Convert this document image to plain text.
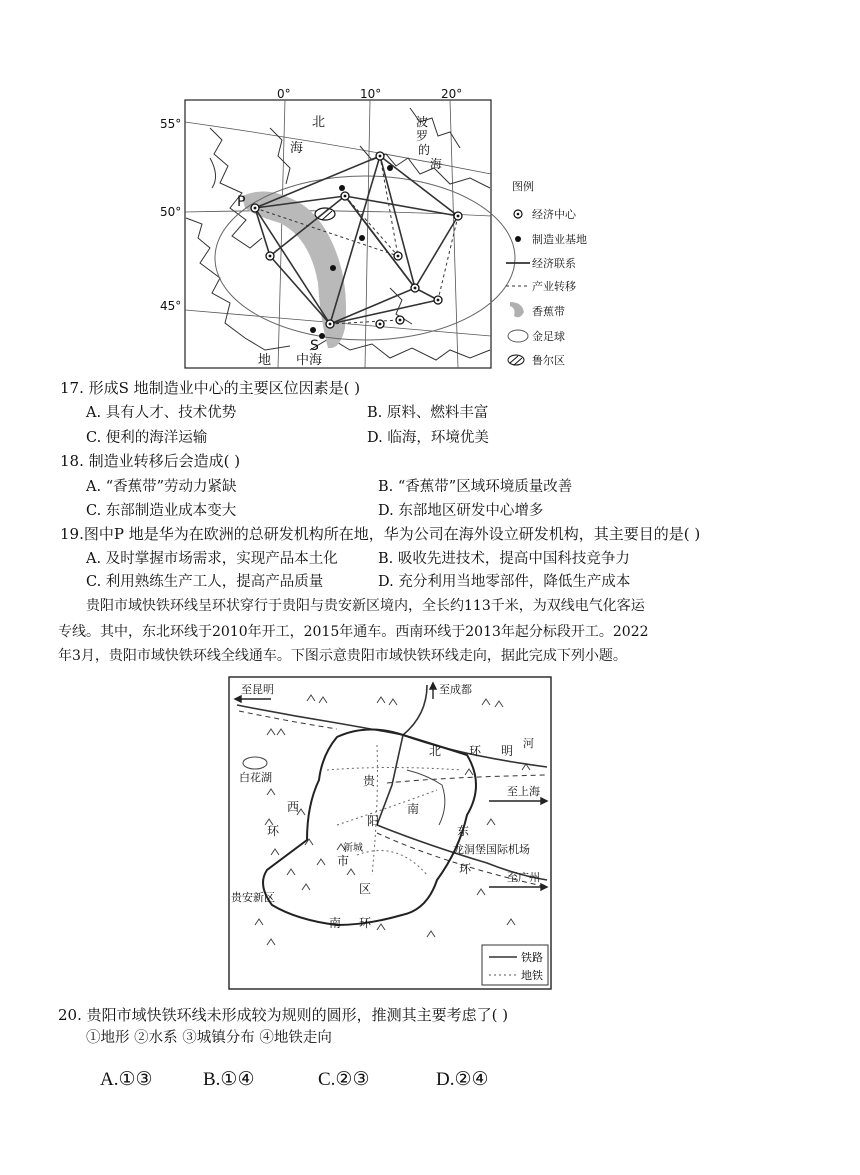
0°	10°	20°
55°
50°
45°
北
海
波
罗
的
海
地 中海
P
S
图例
经济中心
制造业基地
经济联系
产业转移
香蕉带
金足球
鲁尔区
17. 形成S 地制造业中心的主要区位因素是( )
A. 具有人才、技术优势	B. 原料、燃料丰富
C. 便利的海洋运输	D. 临海，环境优美
18. 制造业转移后会造成( )
A. “香蕉带”劳动力紧缺	B. “香蕉带”区域环境质量改善
C. 东部制造业成本变大	D. 东部地区研发中心增多
19.图中P 地是华为在欧洲的总研发机构所在地，华为公司在海外设立研发机构，其主要目的是( )
A. 及时掌握市场需求，实现产品本土化	B. 吸收先进技术，提高中国科技竞争力
C. 利用熟练生产工人，提高产品质量	D. 充分利用当地零部件，降低生产成本
贵阳市域快铁环线呈环状穿行于贵阳与贵安新区境内，全长约113千米，为双线电气化客运
专线。其中，东北环线于2010年开工，2015年通车。西南环线于2013年起分标段开工。2022
年3月，贵阳市域快铁环线全线通车。下图示意贵阳市域快铁环线走向，据此完成下列小题。
至昆明	至成都
至上海
至广州
白花湖
龙洞堡国际机场
贵安新区
河
北 环 明
西
环	东
环
南 环
贵
阳
南
市
区
新城
铁路
地铁
20. 贵阳市域快铁环线未形成较为规则的圆形，推测其主要考虑了( )
①地形 ②水系 ③城镇分布 ④地铁走向
A.①③	B.①④	C.②③	D.②④
